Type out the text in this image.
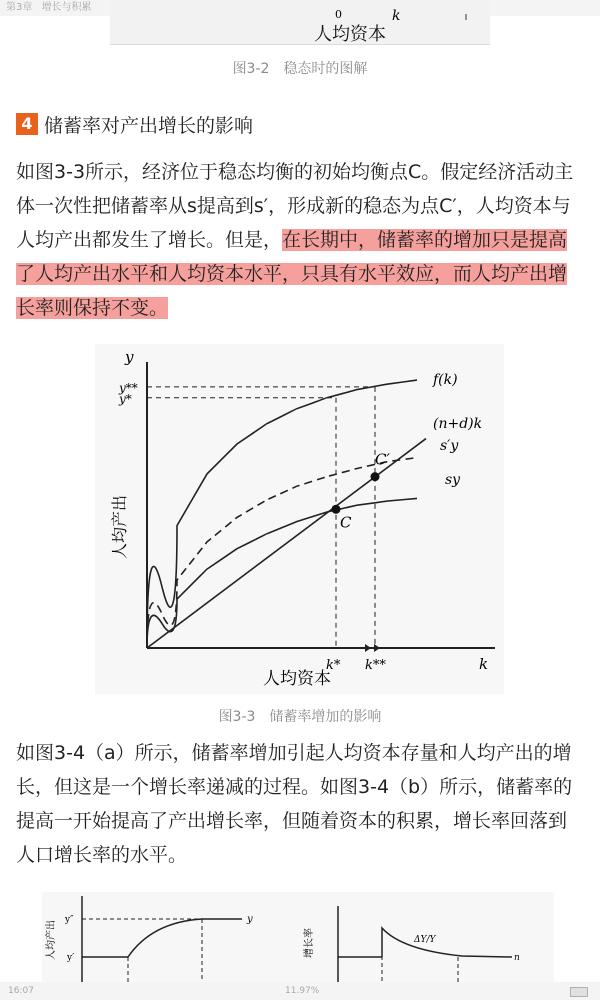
第3章 增长与积累
0	k
人均资本
图3-2　稳态时的图解
4 储蓄率对产出增长的影响

如图3-3所示，经济位于稳态均衡的初始均衡点C。假定经济活动主体一次性把储蓄率从s提高到s′，形成新的稳态为点C′，人均资本与人均产出都发生了增长。但是，在长期中，储蓄率的增加只是提高了人均产出水平和人均资本水平，只具有水平效应，而人均产出增长率则保持不变。

y
k
人均资本
人均产出
k* k**
y**
y*
f(k)
s′y
sy
(n+d)k
C
C′
图3-3　储蓄率增加的影响

如图3-4（a）所示，储蓄率增加引起人均资本存量和人均产出的增长，但这是一个增长率递减的过程。如图3-4（b）所示，储蓄率的提高一开始提高了产出增长率，但随着资本的积累，增长率回落到人口增长率的水平。

y″
y′
y
人均产出	ΔY/Y
n
增长率
16:07	11.97%
